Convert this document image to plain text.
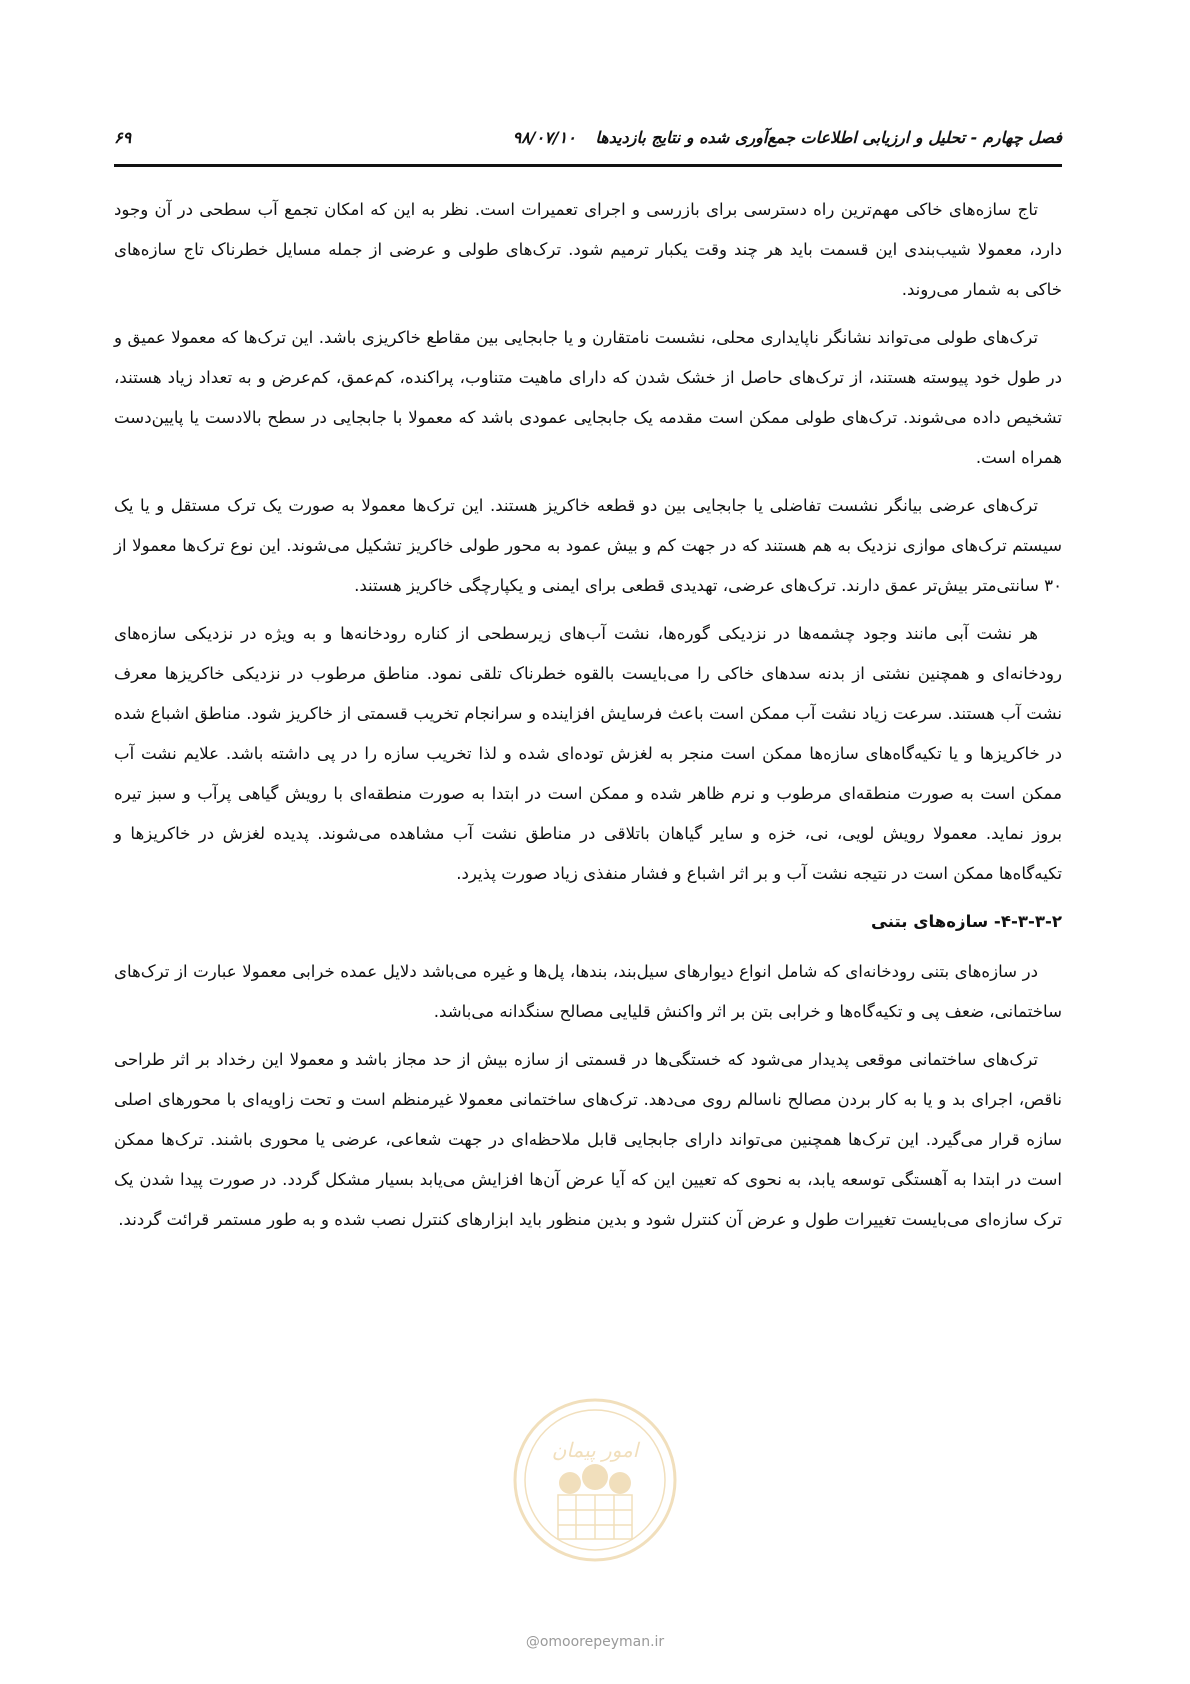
فصل چهارم - تحلیل و ارزیابی اطلاعات جمع‌آوری شده و نتایج بازدیدها ۹۸/۰۷/۱۰
۶۹

تاج سازه‌های خاکی مهم‌ترین راه دسترسی برای بازرسی و اجرای تعمیرات است. نظر به این که امکان تجمع آب سطحی در آن وجود دارد، معمولا شیب‌بندی این قسمت باید هر چند وقت یکبار ترمیم شود. ترک‌های طولی و عرضی از جمله مسایل خطرناک تاج سازه‌های خاکی به شمار می‌روند.

ترک‌های طولی می‌تواند نشانگر ناپایداری محلی، نشست نامتقارن و یا جابجایی بین مقاطع خاکریزی باشد. این ترک‌ها که معمولا عمیق و در طول خود پیوسته هستند، از ترک‌های حاصل از خشک شدن که دارای ماهیت متناوب، پراکنده، کم‌عمق، کم‌عرض و به تعداد زیاد هستند، تشخیص داده می‌شوند. ترک‌های طولی ممکن است مقدمه یک جابجایی عمودی باشد که معمولا با جابجایی در سطح بالادست یا پایین‌دست همراه است.

ترک‌های عرضی بیانگر نشست تفاضلی یا جابجایی بین دو قطعه خاکریز هستند. این ترک‌ها معمولا به صورت یک ترک مستقل و یا یک سیستم ترک‌های موازی نزدیک به هم هستند که در جهت کم و بیش عمود به محور طولی خاکریز تشکیل می‌شوند. این نوع ترک‌ها معمولا از ۳۰ سانتی‌متر بیش‌تر عمق دارند. ترک‌های عرضی، تهدیدی قطعی برای ایمنی و یکپارچگی خاکریز هستند.

هر نشت آبی مانند وجود چشمه‌ها در نزدیکی گوره‌ها، نشت آب‌های زیرسطحی از کناره رودخانه‌ها و به ویژه در نزدیکی سازه‌های رودخانه‌ای و همچنین نشتی از بدنه سدهای خاکی را می‌بایست بالقوه خطرناک تلقی نمود. مناطق مرطوب در نزدیکی خاکریزها معرف نشت آب هستند. سرعت زیاد نشت آب ممکن است باعث فرسایش افزاینده و سرانجام تخریب قسمتی از خاکریز شود. مناطق اشباع شده در خاکریزها و یا تکیه‌گاه‌های سازه‌ها ممکن است منجر به لغزش توده‌ای شده و لذا تخریب سازه را در پی داشته باشد. علایم نشت آب ممکن است به صورت منطقه‌ای مرطوب و نرم ظاهر شده و ممکن است در ابتدا به صورت منطقه‌ای با رویش گیاهی پرآب و سبز تیره بروز نماید. معمولا رویش لویی، نی، خزه و سایر گیاهان باتلاقی در مناطق نشت آب مشاهده می‌شوند. پدیده لغزش در خاکریزها و تکیه‌گاه‌ها ممکن است در نتیجه نشت آب و بر اثر اشباع و فشار منفذی زیاد صورت پذیرد.

۴-۳-۳-۲- سازه‌های بتنی

در سازه‌های بتنی رودخانه‌ای که شامل انواع دیوارهای سیل‌بند، بندها، پل‌ها و غیره می‌باشد دلایل عمده خرابی معمولا عبارت از ترک‌های ساختمانی، ضعف پی و تکیه‌گاه‌ها و خرابی بتن بر اثر واکنش قلیایی مصالح سنگدانه می‌باشد.

ترک‌های ساختمانی موقعی پدیدار می‌شود که خستگی‌ها در قسمتی از سازه بیش از حد مجاز باشد و معمولا این رخداد بر اثر طراحی ناقص، اجرای بد و یا به کار بردن مصالح ناسالم روی می‌دهد. ترک‌های ساختمانی معمولا غیرمنظم است و تحت زاویه‌ای با محورهای اصلی سازه قرار می‌گیرد. این ترک‌ها همچنین می‌تواند دارای جابجایی قابل ملاحظه‌ای در جهت شعاعی، عرضی یا محوری باشند. ترک‌ها ممکن است در ابتدا به آهستگی توسعه یابد، به نحوی که تعیین این که آیا عرض آن‌ها افزایش می‌یابد بسیار مشکل گردد. در صورت پیدا شدن یک ترک سازه‌ای می‌بایست تغییرات طول و عرض آن کنترل شود و بدین منظور باید ابزارهای کنترل نصب شده و به طور مستمر قرائت گردند.

امور پیمان
@omoorepeyman.ir
